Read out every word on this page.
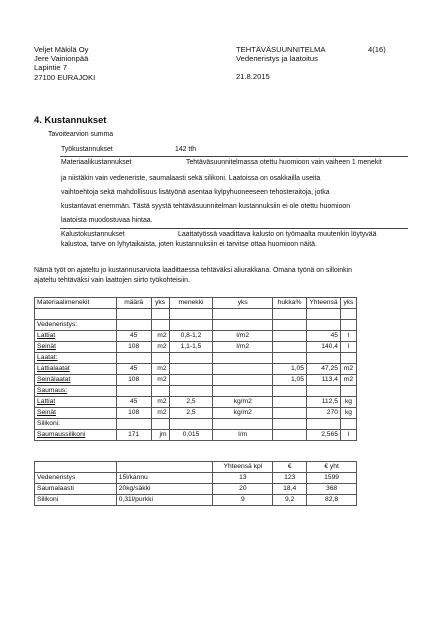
Veljet Mäkilä Oy
Jere Vainionpää
Lapintie 7
27100 EURAJOKI
TEHTÄVÄSUUNNITELMA	4(16)
Vedeneristys ja laatoitus
21.8.2015
4. Kustannukset
Tavoitearvion summa
Työkustannukset	142 tth
Materiaalikustannukset	Tehtäväsuunnitelmassa otettu huomioon vain vaiheen 1 menekit
ja niistäkin vain vedeneriste, saumalaasti sekä silikoni. Laatoissa on osakkailla useita
vaihtoehtoja sekä mahdollisuus lisätyönä asentaa kylpyhuoneeseen tehosteraitoja, jotka
kustantavat enemmän. Tästä syystä tehtäväsuunnitelman kustannuksiin ei ole otettu huomioon
laatoista muodostuvaa hintaa.
Kalustokustannukset	Laattatyössä vaadittava kalusto on työmaalta muutenkin löytyvää
kalustoa, tarve on lyhytaikaista, joten kustannuksiin ei tarvitse ottaa huomioon näitä.
Nämä työt on ajateltu jo kustannusarviota laadittaessa tehtäväksi aliurakkana. Omana työnä on silloinkin
ajateltu tehtäväksi vain laattojen siirto työkohteisiin.
Materiaalimenekit	määrä	yks	menekki	yks	hukka%	Yhteensä	yks

Vedeneristys:							
Lattiat	45	m2	0,8-1,2	l/m2		45	l
Seinät	108	m2	1,1-1,5	l/m2		140,4	l
Laatat:							
Lattialaatat	45	m2			1,05	47,25	m2
Seinälaatat	108	m2			1,05	113,4	m2
Saumaus:							
Lattiat	45	m2	2,5	kg/m2		112,5	kg
Seinät	108	m2	2,5	kg/m2		270	kg
Silikoni:							
Saumaussilikoni	171	jm	0,015	l/m		2,565	l
		Yhteensä kpl	€	€ yht
Vedeneristys	15l/kannu	13	123	1599
Saumalaasti	20kg/säkki	20	18,4	368
Silikoni	0,31l/purkki	9	9,2	82,8
